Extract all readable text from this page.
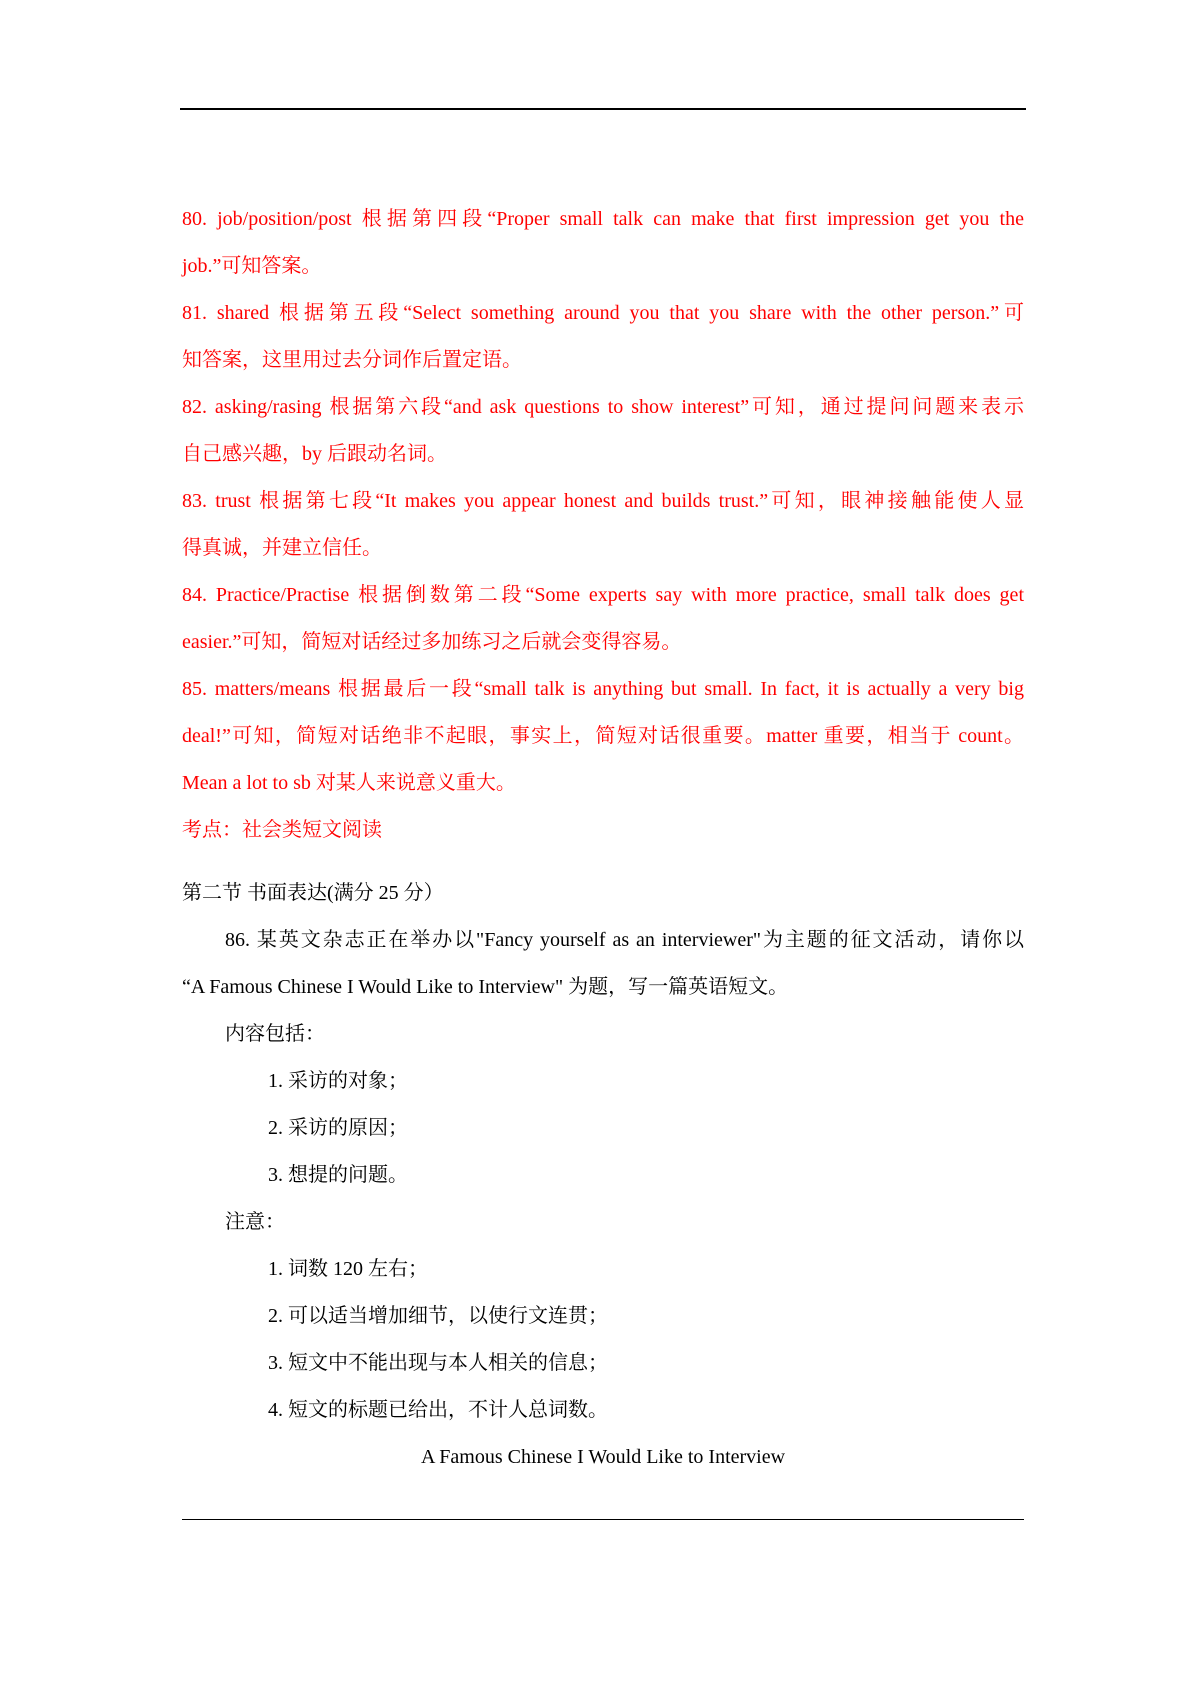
80. job/position/post 根据第四段“Proper small talk can make that first impression get you the
job.”可知答案。
81. shared 根据第五段“Select something around you that you share with the other person.”可
知答案，这里用过去分词作后置定语。
82. asking/rasing 根据第六段“and ask questions to show interest”可知，通过提问问题来表示
自己感兴趣，by 后跟动名词。
83. trust 根据第七段“It makes you appear honest and builds trust.”可知，眼神接触能使人显
得真诚，并建立信任。
84. Practice/Practise 根据倒数第二段“Some experts say with more practice, small talk does get
easier.”可知，简短对话经过多加练习之后就会变得容易。
85. matters/means 根据最后一段“small talk is anything but small. In fact, it is actually a very big
deal!”可知，简短对话绝非不起眼，事实上，简短对话很重要。matter 重要，相当于 count。
Mean a lot to sb 对某人来说意义重大。
考点：社会类短文阅读
第二节 书面表达(满分 25 分）
86. 某英文杂志正在举办以"Fancy yourself as an interviewer"为主题的征文活动，请你以
“A Famous Chinese I Would Like to Interview" 为题，写一篇英语短文。
内容包括：
1. 采访的对象；
2. 采访的原因；
3. 想提的问题。
注意：
1. 词数 120 左右；
2. 可以适当增加细节，以使行文连贯；
3. 短文中不能出现与本人相关的信息；
4. 短文的标题已给出，不计人总词数。
A Famous Chinese I Would Like to Interview
